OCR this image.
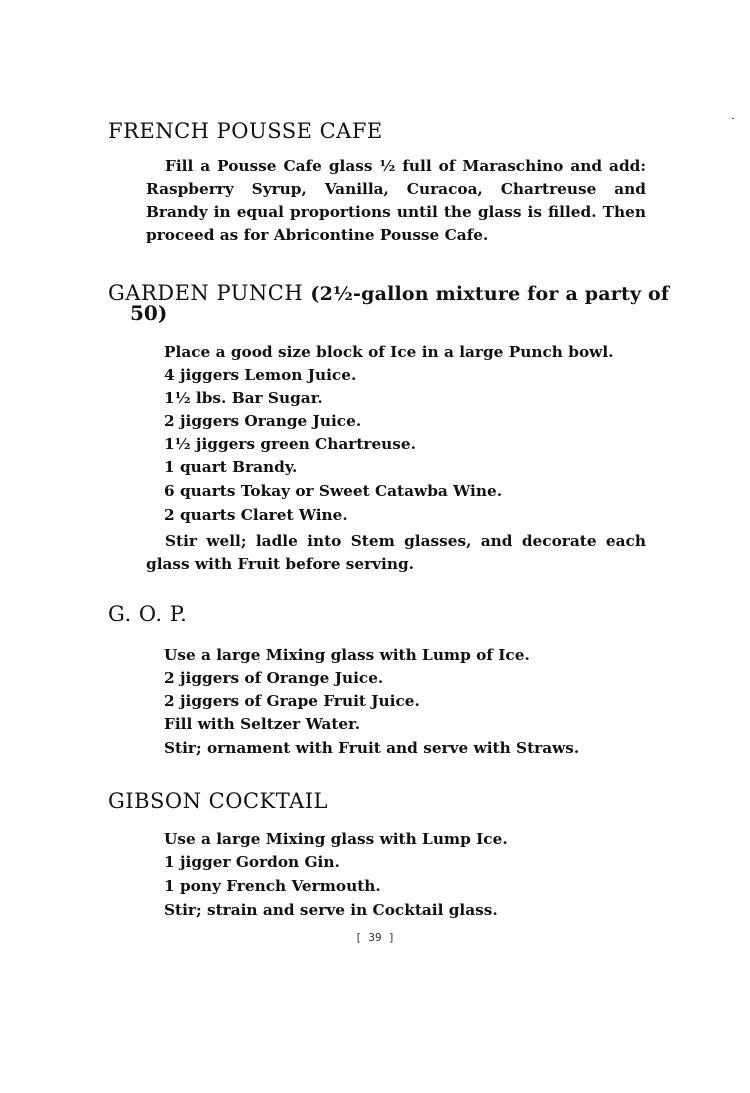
FRENCH POUSSE CAFE

Fill a Pousse Cafe glass ½ full of Maraschino and add: Raspberry Syrup, Vanilla, Curacoa, Chartreuse and Brandy in equal proportions until the glass is filled. Then proceed as for Abricontine Pousse Cafe.

GARDEN PUNCH (2½-gallon mixture for a party of

50)

Place a good size block of Ice in a large Punch bowl.

4 jiggers Lemon Juice.

1½ lbs. Bar Sugar.

2 jiggers Orange Juice.

1½ jiggers green Chartreuse.

1 quart Brandy.

6 quarts Tokay or Sweet Catawba Wine.

2 quarts Claret Wine.

Stir well; ladle into Stem glasses, and decorate each glass with Fruit before serving.

G. O. P.

Use a large Mixing glass with Lump of Ice.

2 jiggers of Orange Juice.

2 jiggers of Grape Fruit Juice.

Fill with Seltzer Water.

Stir; ornament with Fruit and serve with Straws.

GIBSON COCKTAIL

Use a large Mixing glass with Lump Ice.

1 jigger Gordon Gin.

1 pony French Vermouth.

Stir; strain and serve in Cocktail glass.

[ 39 ]
